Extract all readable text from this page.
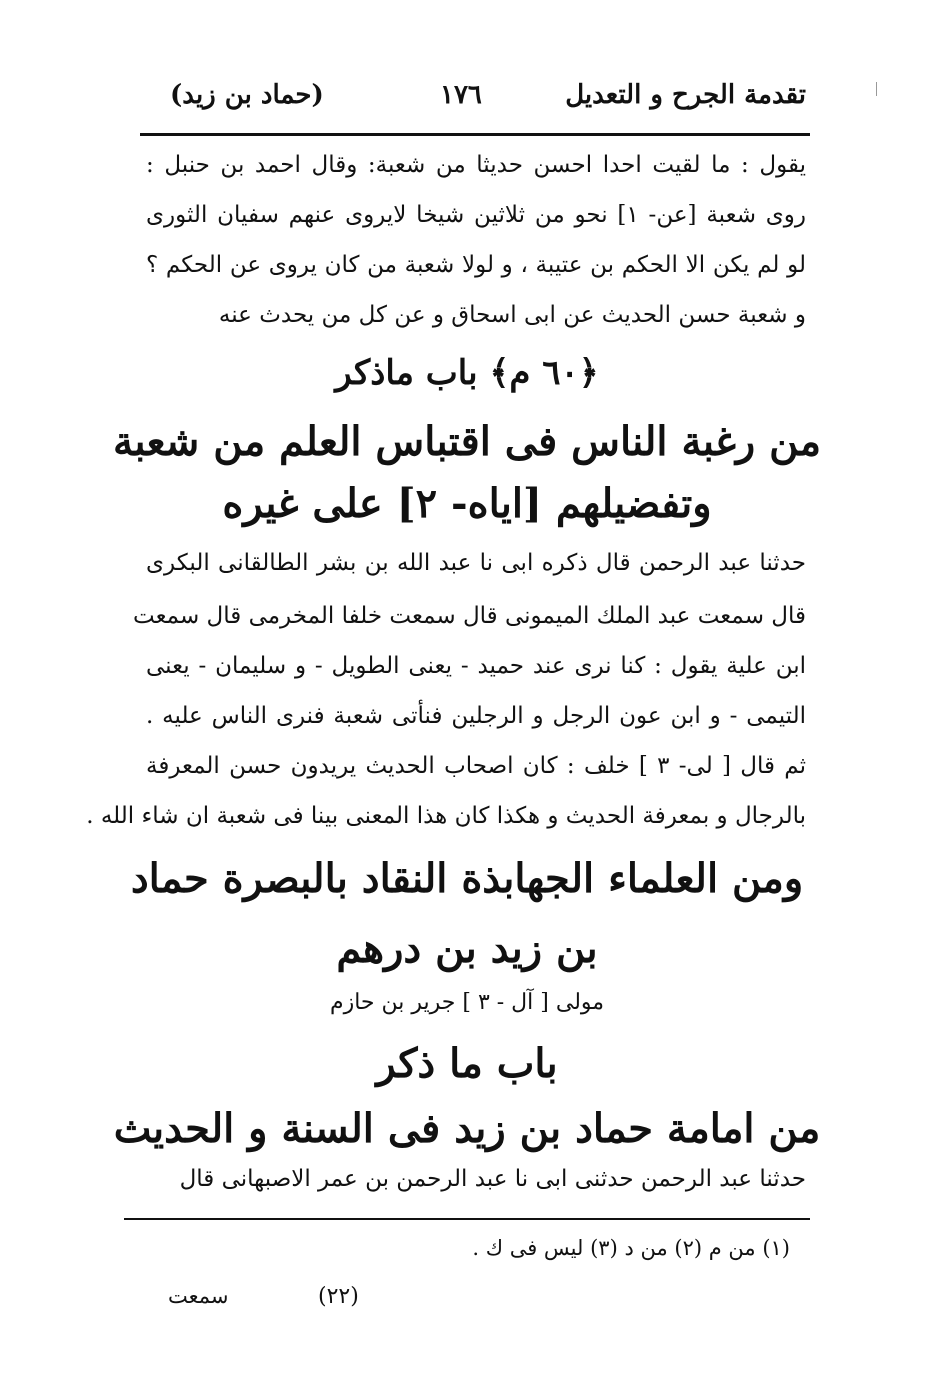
تقدمة الجرح و التعديل
١٧٦
(حماد بن زيد)
يقول : ما لقيت احدا احسن حديثا من شعبة: وقال احمد بن حنبل :
روى شعبة [عن- ١] نحو من ثلاثين شيخا لايروى عنهم سفيان الثورى
لو لم يكن الا الحكم بن عتيبة ، و لولا شعبة من كان يروى عن الحكم ؟
و شعبة حسن الحديث عن ابى اسحاق و عن كل من يحدث عنه
﴿٦٠ م﴾ باب ماذكر
من رغبة الناس فى اقتباس العلم من شعبة
وتفضيلهم [اياه- ٢] على غيره
حدثنا عبد الرحمن قال ذكره ابى نا عبد الله بن بشر الطالقانى البكرى
قال سمعت عبد الملك الميمونى قال سمعت خلفا المخرمى قال سمعت
ابن علية يقول : كنا نرى عند حميد - يعنى الطويل - و سليمان - يعنى
التيمى - و ابن عون الرجل و الرجلين فنأتى شعبة فنرى الناس عليه .
ثم قال [ لى- ٣ ] خلف : كان اصحاب الحديث يريدون حسن المعرفة
بالرجال و بمعرفة الحديث و هكذا كان هذا المعنى بينا فى شعبة ان شاء الله .
ومن العلماء الجهابذة النقاد بالبصرة حماد
بن زيد بن درهم
مولى [ آل - ٣ ] جرير بن حازم
باب ما ذكر
من امامة حماد بن زيد فى السنة و الحديث
حدثنا عبد الرحمن حدثنى ابى نا عبد الرحمن بن عمر الاصبهانى قال
(١) من م (٢) من د (٣) ليس فى ك .
(٢٢)
سمعت
